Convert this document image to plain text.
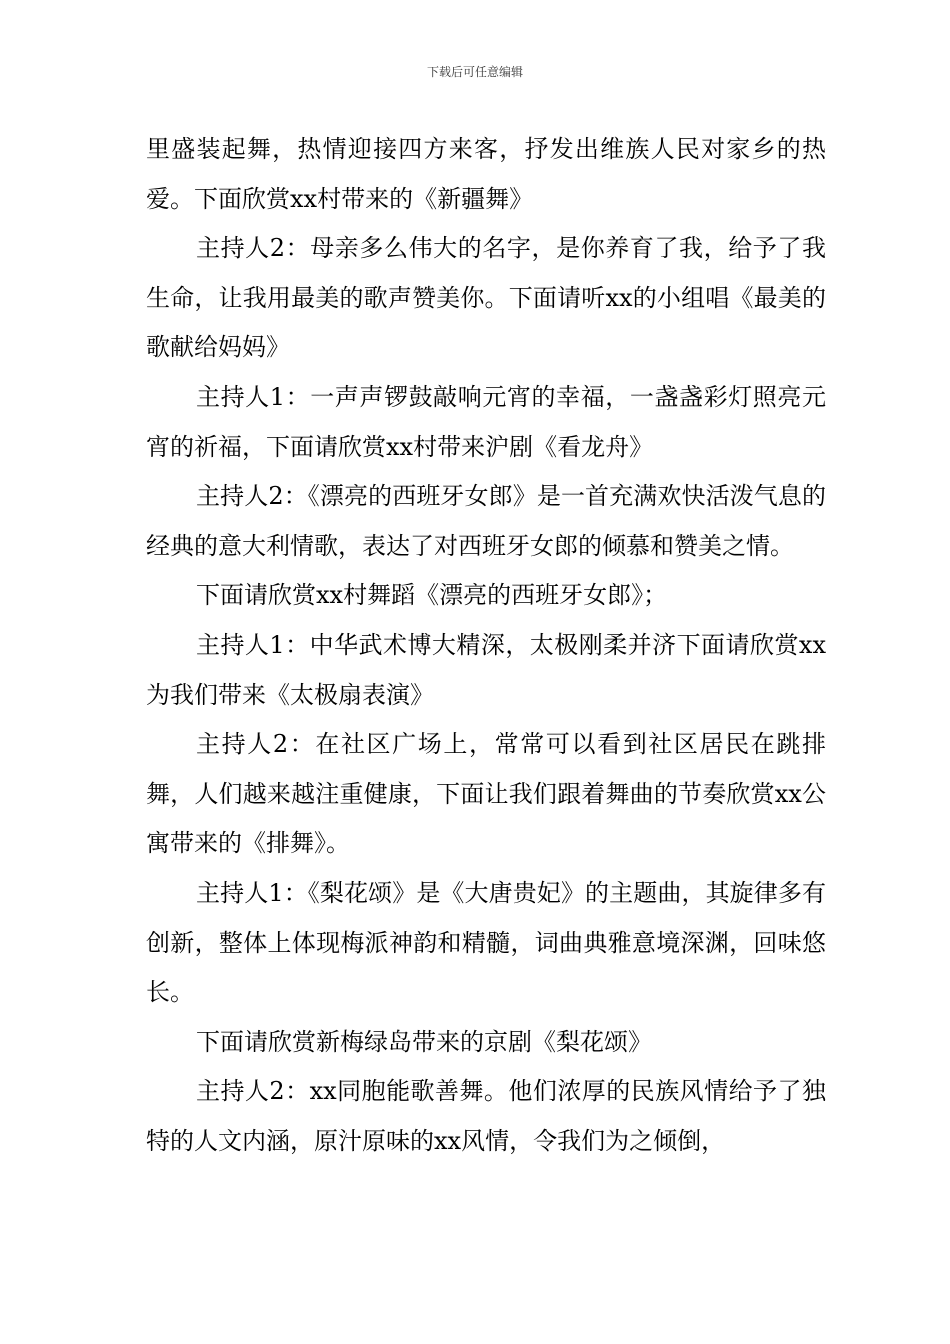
下载后可任意编辑

里盛装起舞，热情迎接四方来客，抒发出维族人民对家乡的热爱。下面欣赏xx村带来的《新疆舞》

主持人2：母亲多么伟大的名字，是你养育了我，给予了我生命，让我用最美的歌声赞美你。下面请听xx的小组唱《最美的歌献给妈妈》

主持人1：一声声锣鼓敲响元宵的幸福，一盏盏彩灯照亮元宵的祈福，下面请欣赏xx村带来沪剧《看龙舟》

主持人2：《漂亮的西班牙女郎》是一首充满欢快活泼气息的经典的意大利情歌，表达了对西班牙女郎的倾慕和赞美之情。

下面请欣赏xx村舞蹈《漂亮的西班牙女郎》；

主持人1：中华武术博大精深，太极刚柔并济下面请欣赏xx为我们带来《太极扇表演》

主持人2：在社区广场上，常常可以看到社区居民在跳排舞，人们越来越注重健康，下面让我们跟着舞曲的节奏欣赏xx公寓带来的《排舞》。

主持人1：《梨花颂》是《大唐贵妃》的主题曲，其旋律多有创新，整体上体现梅派神韵和精髓，词曲典雅意境深渊，回味悠长。

下面请欣赏新梅绿岛带来的京剧《梨花颂》

主持人2：xx同胞能歌善舞。他们浓厚的民族风情给予了独特的人文内涵，原汁原味的xx风情，令我们为之倾倒，
